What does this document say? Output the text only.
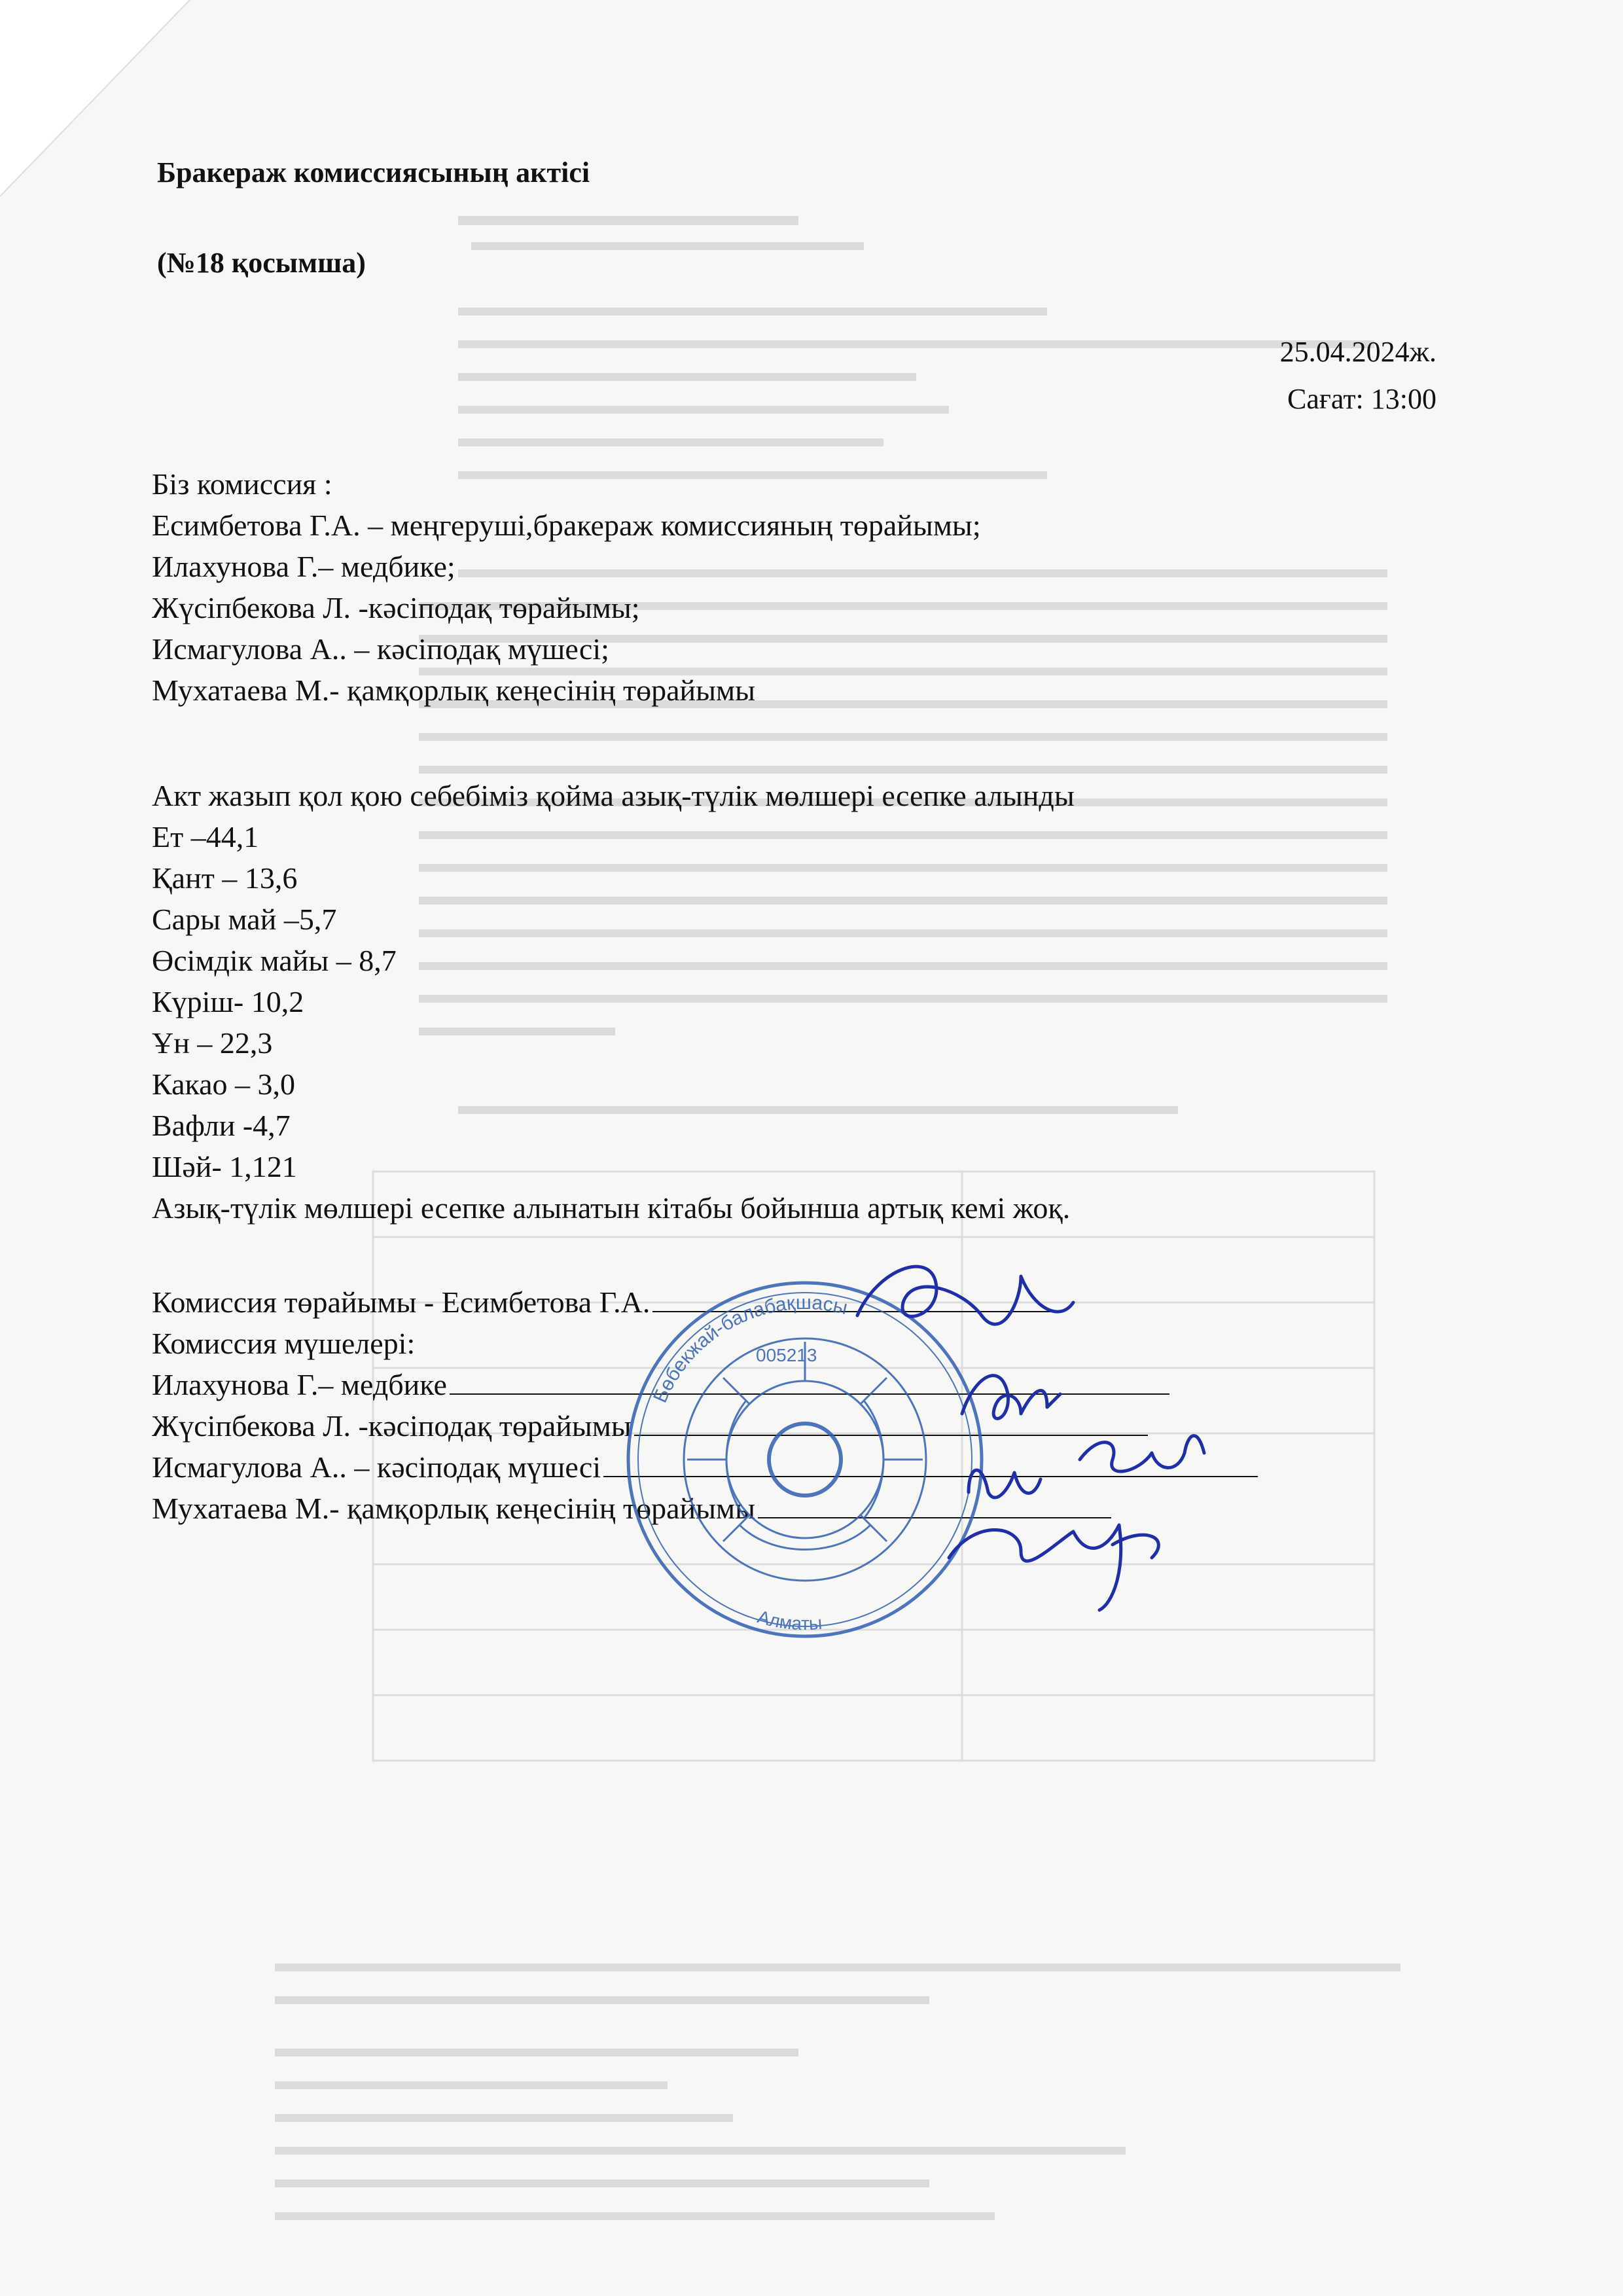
Бракераж комиссиясының актісі
(№18 қосымша)
25.04.2024ж.
Сағат: 13:00
Біз комиссия :
Есимбетова Г.А. – меңгеруші,бракераж комиссияның төрайымы;
Илахунова Г.– медбике;
Жүсіпбекова Л. -кәсіподақ төрайымы;
Исмагулова А.. – кәсіподақ мүшесі;
Мухатаева М.- қамқорлық кеңесінің төрайымы
Акт жазып қол қою себебіміз қойма азық-түлік мөлшері есепке алынды
Ет –44,1
Қант – 13,6
Сары май –5,7
Өсімдік майы – 8,7
Күріш- 10,2
Ұн – 22,3
Какао – 3,0
Вафли -4,7
Шәй- 1,121
Азық-түлік мөлшері есепке алынатын кітабы бойынша артық кемі жоқ.
Комиссия төрайымы - Есимбетова Г.А.
Комиссия мүшелері:
Илахунова Г.– медбике
Жүсіпбекова Л. -кәсіподақ төрайымы
Исмагулова А.. – кәсіподақ мүшесі
Мухатаева М.- қамқорлық кеңесінің төрайымы
Бөбекжай-балабақшасы
005213
Алматы
